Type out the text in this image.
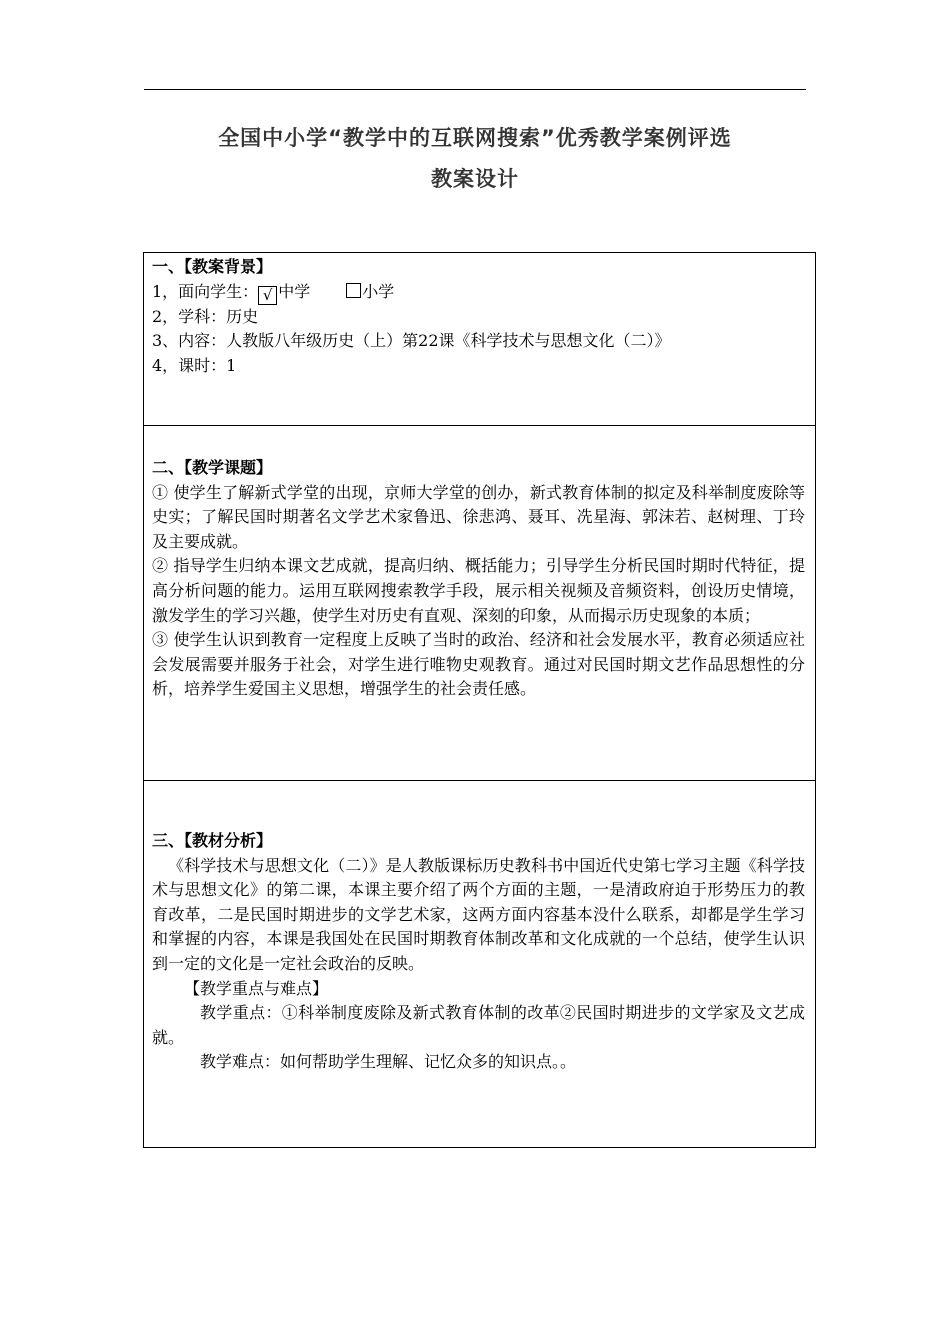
全国中小学“教学中的互联网搜索”优秀教学案例评选
教案设计
一、【教案背景】
1，面向学生： √ 中学	小学
2，学科：历史
3、内容：人教版八年级历史（上）第22课《科学技术与思想文化（二）》
4，课时：1

二、【教学课题】

① 使学生了解新式学堂的出现，京师大学堂的创办，新式教育体制的拟定及科举制度废除等史实；了解民国时期著名文学艺术家鲁迅、徐悲鸿、聂耳、冼星海、郭沫若、赵树理、丁玲及主要成就。

② 指导学生归纳本课文艺成就，提高归纳、概括能力；引导学生分析民国时期时代特征，提高分析问题的能力。运用互联网搜索教学手段，展示相关视频及音频资料，创设历史情境，激发学生的学习兴趣，使学生对历史有直观、深刻的印象，从而揭示历史现象的本质；

③ 使学生认识到教育一定程度上反映了当时的政治、经济和社会发展水平，教育必须适应社会发展需要并服务于社会，对学生进行唯物史观教育。通过对民国时期文艺作品思想性的分析，培养学生爱国主义思想，增强学生的社会责任感。

三、【教材分析】

《科学技术与思想文化（二）》是人教版课标历史教科书中国近代史第七学习主题《科学技术与思想文化》的第二课，本课主要介绍了两个方面的主题，一是清政府迫于形势压力的教育改革，二是民国时期进步的文学艺术家，这两方面内容基本没什么联系，却都是学生学习和掌握的内容，本课是我国处在民国时期教育体制改革和文化成就的一个总结，使学生认识到一定的文化是一定社会政治的反映。

【教学重点与难点】

教学重点：①科举制度废除及新式教育体制的改革②民国时期进步的文学家及文艺成就。

教学难点：如何帮助学生理解、记忆众多的知识点。。
